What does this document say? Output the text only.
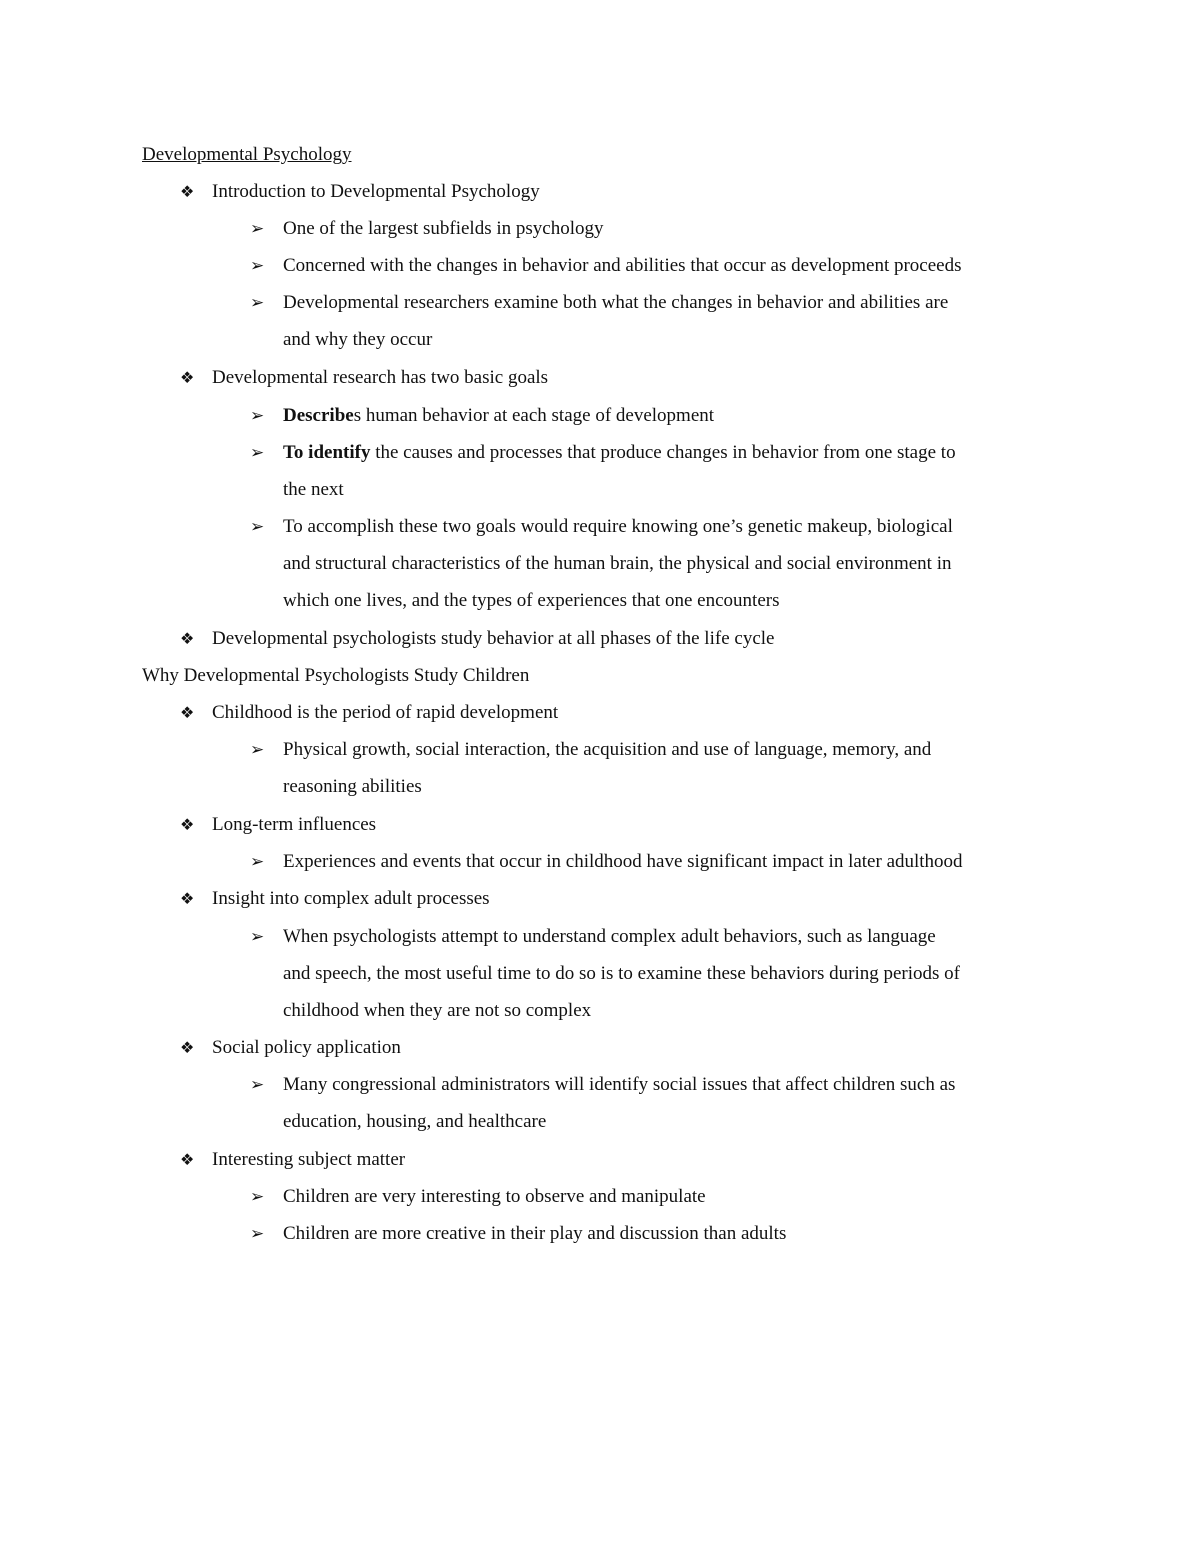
Developmental Psychology
❖ Introduction to Developmental Psychology
➢ One of the largest subfields in psychology
➢ Concerned with the changes in behavior and abilities that occur as development proceeds
➢ Developmental researchers examine both what the changes in behavior and abilities are
and why they occur
❖ Developmental research has two basic goals
➢ Describes human behavior at each stage of development
➢ To identify the causes and processes that produce changes in behavior from one stage to
the next
➢ To accomplish these two goals would require knowing one’s genetic makeup, biological
and structural characteristics of the human brain, the physical and social environment in
which one lives, and the types of experiences that one encounters
❖ Developmental psychologists study behavior at all phases of the life cycle
Why Developmental Psychologists Study Children
❖ Childhood is the period of rapid development
➢ Physical growth, social interaction, the acquisition and use of language, memory, and
reasoning abilities
❖ Long-term influences
➢ Experiences and events that occur in childhood have significant impact in later adulthood
❖ Insight into complex adult processes
➢ When psychologists attempt to understand complex adult behaviors, such as language
and speech, the most useful time to do so is to examine these behaviors during periods of
childhood when they are not so complex
❖ Social policy application
➢ Many congressional administrators will identify social issues that affect children such as
education, housing, and healthcare
❖ Interesting subject matter
➢ Children are very interesting to observe and manipulate
➢ Children are more creative in their play and discussion than adults
